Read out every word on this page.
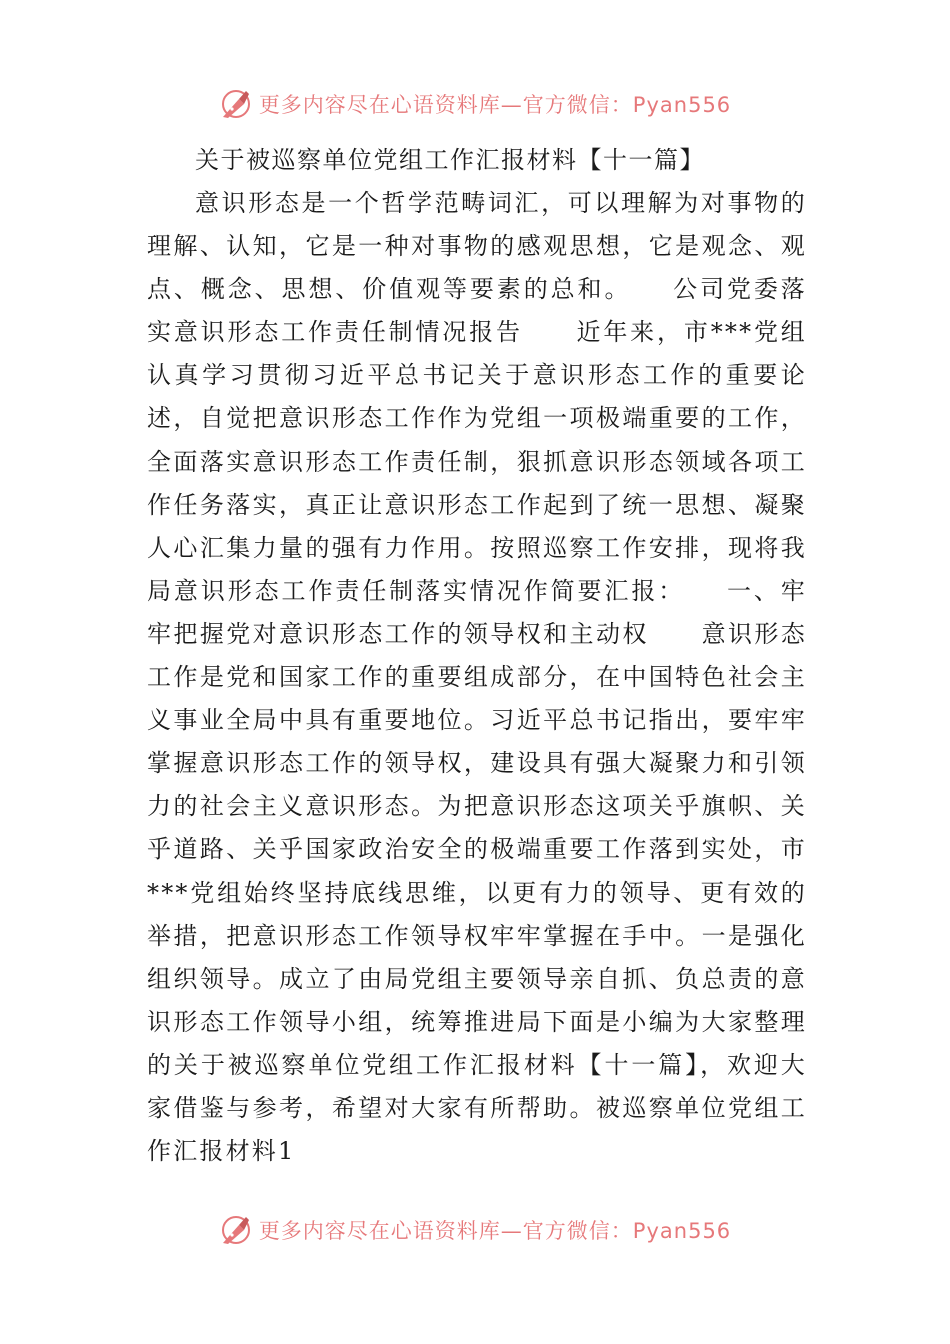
更多内容尽在心语资料库—官方微信：Pyan556
关于被巡察单位党组工作汇报材料【十一篇】

意识形态是一个哲学范畴词汇，可以理解为对事物的理解、认知，它是一种对事物的感观思想，它是观念、观点、概念、思想、价值观等要素的总和。　　公司党委落实意识形态工作责任制情况报告　　近年来，市***党组认真学习贯彻习近平总书记关于意识形态工作的重要论述，自觉把意识形态工作作为党组一项极端重要的工作，全面落实意识形态工作责任制，狠抓意识形态领域各项工作任务落实，真正让意识形态工作起到了统一思想、凝聚人心汇集力量的强有力作用。按照巡察工作安排，现将我局意识形态工作责任制落实情况作简要汇报：　　一、牢牢把握党对意识形态工作的领导权和主动权　　意识形态工作是党和国家工作的重要组成部分，在中国特色社会主义事业全局中具有重要地位。习近平总书记指出，要牢牢掌握意识形态工作的领导权，建设具有强大凝聚力和引领力的社会主义意识形态。为把意识形态这项关乎旗帜、关乎道路、关乎国家政治安全的极端重要工作落到实处，市***党组始终坚持底线思维，以更有力的领导、更有效的举措，把意识形态工作领导权牢牢掌握在手中。一是强化组织领导。成立了由局党组主要领导亲自抓、负总责的意识形态工作领导小组，统筹推进局下面是小编为大家整理的关于被巡察单位党组工作汇报材料【十一篇】，欢迎大家借鉴与参考，希望对大家有所帮助。被巡察单位党组工作汇报材料1

更多内容尽在心语资料库—官方微信：Pyan556
